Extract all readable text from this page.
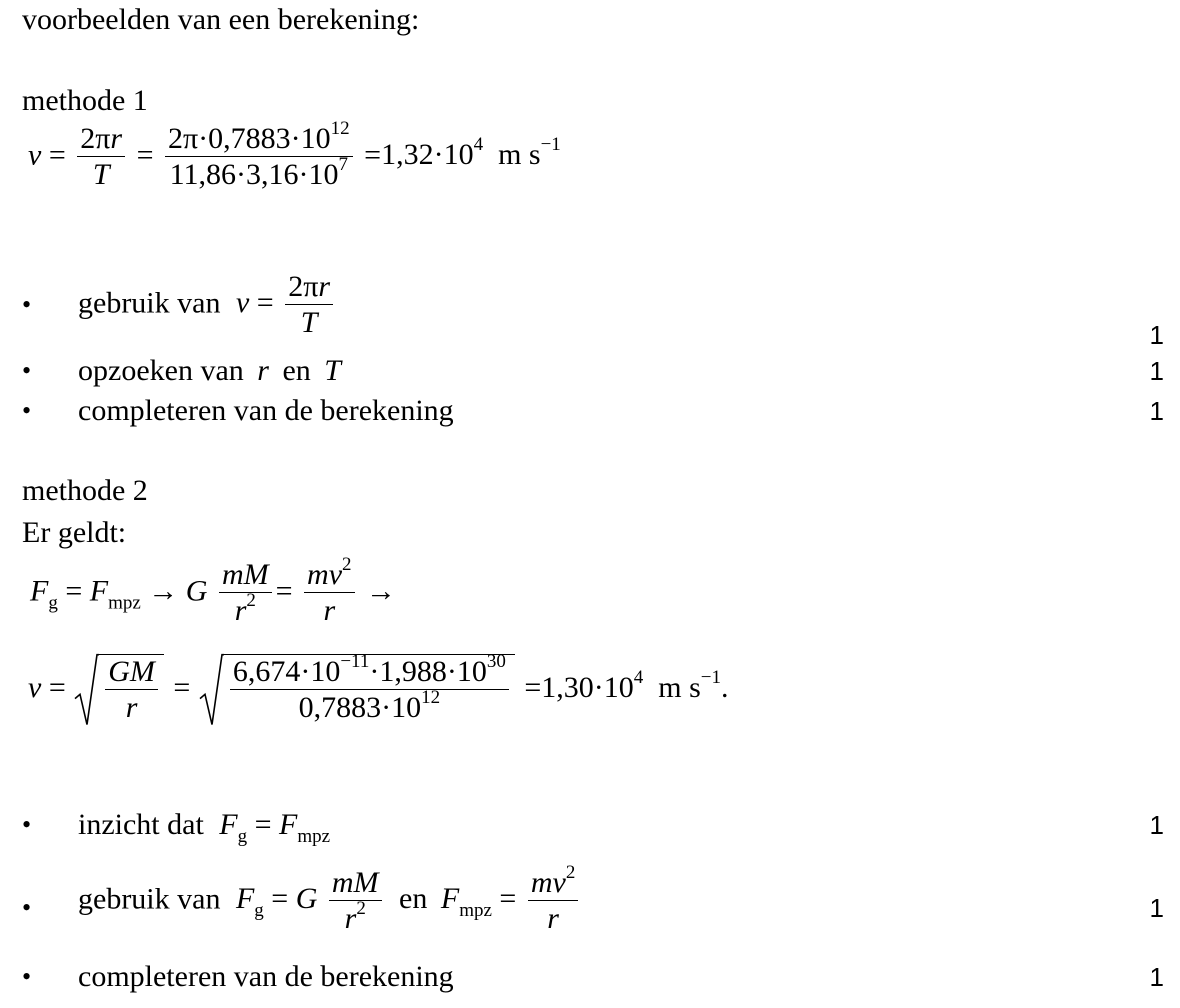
voorbeelden van een berekening:
methode 1
$v = \frac{2\pi r}{T} = \frac{2\pi\cdot 0,7883\cdot 10^{12}}{11,86\cdot 3,16\cdot 10^7} =1,32\cdot 10^4$ m $s^{-1}$
• gebruik van $v = \frac{2\pi r}{T}$	1
• opzoeken van r en T	1
• completeren van de berekening	1
methode 2
Er geldt:
$F_g = F_{mpz} \to G \frac{mM}{r^2} = \frac{mv^2}{r}$ →
$v = \frac{GM}{r} = \frac{6,674\cdot 10^{-11}\cdot 1,988\cdot 10^{30}}{0,7883\cdot 10^{12}} =1,30\cdot 10^4$ m $s^{-1}$.
• inzicht dat $F_g = F_{mpz}$	1
• gebruik van $F_g = G \frac{mM}{r^2}$ en $F_{mpz} = \frac{mv^2}{r}$	1
• completeren van de berekening	1
